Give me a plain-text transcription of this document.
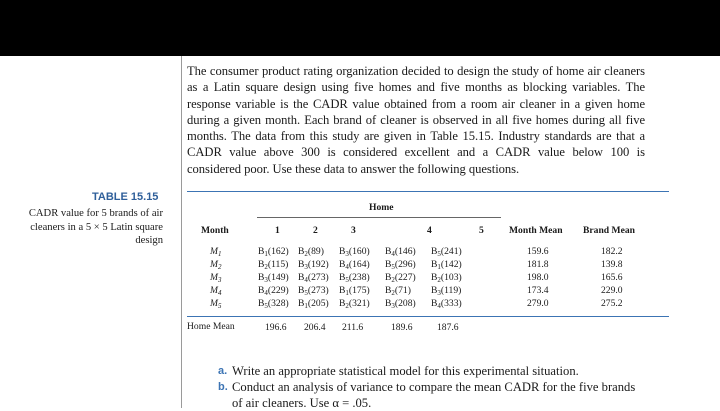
The consumer product rating organization decided to design the study of home air cleaners as a Latin square design using five homes and five months as blocking variables. The response variable is the CADR value obtained from a room air cleaner in a given home during a given month. Each brand of cleaner is observed in all five homes during all five months. The data from this study are given in Table 15.15. Industry standards are that a CADR value above 300 is considered excellent and a CADR value below 100 is considered poor. Use these data to answer the following questions.
TABLE 15.15
CADR value for 5 brands of air cleaners in a 5 × 5 Latin square design
Home
Month	1	2	3	4	5	Month Mean Brand Mean
$M_1$	$B_1(162)$ $B_2(89)$ $B_3(160)$ $B_4(146)$ $B_5(241)$	159.6	182.2
$M_2$	$B_2(115)$ $B_3(192)$ $B_4(164)$ $B_5(296)$ $B_1(142)$	181.8	139.8
$M_3$	$B_3(149)$ $B_4(273)$ $B_5(238)$ $B_2(227)$ $B_2(103)$	198.0	165.6
$M_4$	$B_4(229)$ $B_5(273)$ $B_1(175)$ $B_2(71)$ $B_3(119)$	173.4	229.0
$M_5$	$B_5(328)$ $B_1(205)$ $B_2(321)$ $B_3(208)$ $B_4(333)$	279.0	275.2
Home Mean	196.6 206.4 211.6	189.6	187.6
a. Write an appropriate statistical model for this experimental situation.
b. Conduct an analysis of variance to compare the mean CADR for the five brands of air cleaners. Use α = .05.
